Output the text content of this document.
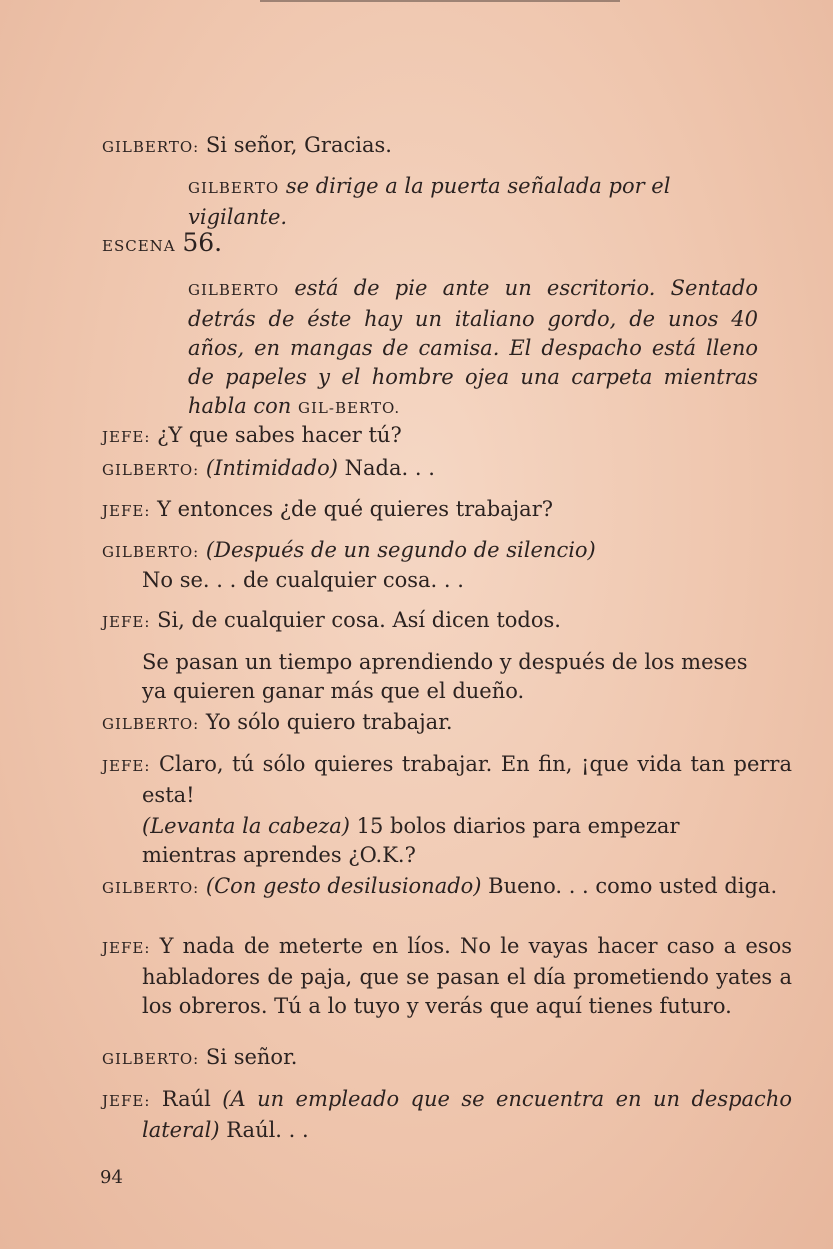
GILBERTO: Si señor, Gracias.
GILBERTO se dirige a la puerta señalada por el vigilante.
ESCENA 56.
GILBERTO está de pie ante un escritorio. Sentado detrás de éste hay un italiano gordo, de unos 40 años, en mangas de camisa. El despacho está lleno de papeles y el hombre ojea una carpeta mientras habla con GIL-BERTO.
JEFE: ¿Y que sabes hacer tú?
GILBERTO: (Intimidado) Nada. . .
JEFE: Y entonces ¿de qué quieres trabajar?
GILBERTO: (Después de un segundo de silencio)
No se. . . de cualquier cosa. . .
JEFE: Si, de cualquier cosa. Así dicen todos.
Se pasan un tiempo aprendiendo y después de los meses ya quieren ganar más que el dueño.
GILBERTO: Yo sólo quiero trabajar.
JEFE: Claro, tú sólo quieres trabajar. En fin, ¡que vida tan perra esta!
(Levanta la cabeza) 15 bolos diarios para empezar mientras aprendes ¿O.K.?
GILBERTO: (Con gesto desilusionado) Bueno. . . como usted diga.
JEFE: Y nada de meterte en líos. No le vayas hacer caso a esos habladores de paja, que se pasan el día prometiendo yates a los obreros. Tú a lo tuyo y verás que aquí tienes futuro.
GILBERTO: Si señor.
JEFE: Raúl (A un empleado que se encuentra en un despacho lateral) Raúl. . .
94
